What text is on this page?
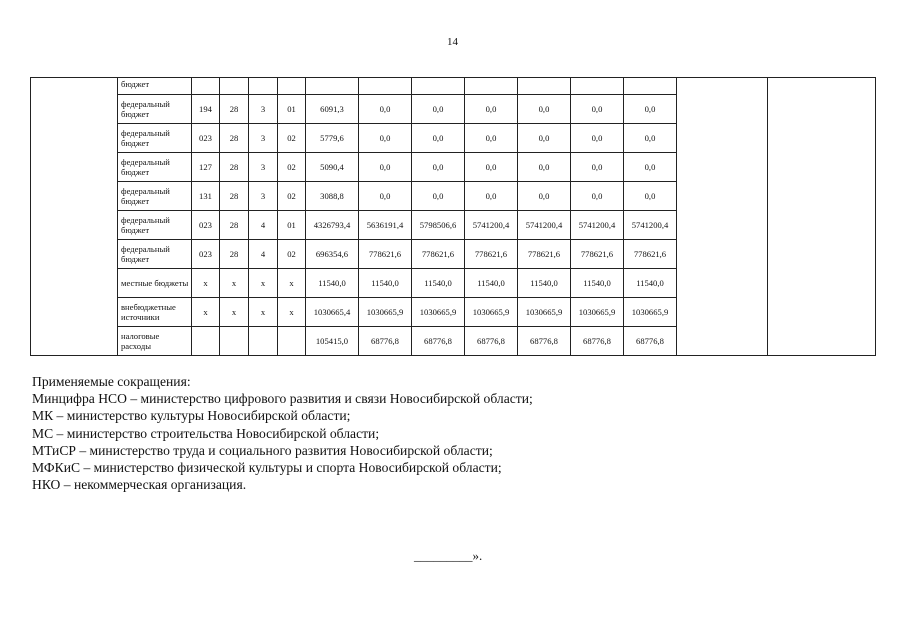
14
	бюджет													
	федеральный бюджет	194	28	3	01	6091,3	0,0	0,0	0,0	0,0	0,0	0,0		
	федеральный бюджет	023	28	3	02	5779,6	0,0	0,0	0,0	0,0	0,0	0,0		
	федеральный бюджет	127	28	3	02	5090,4	0,0	0,0	0,0	0,0	0,0	0,0		
	федеральный бюджет	131	28	3	02	3088,8	0,0	0,0	0,0	0,0	0,0	0,0		
	федеральный бюджет	023	28	4	01	4326793,4	5636191,4	5798506,6	5741200,4	5741200,4	5741200,4	5741200,4		
	федеральный бюджет	023	28	4	02	696354,6	778621,6	778621,6	778621,6	778621,6	778621,6	778621,6		
	местные бюджеты	x	x	x	x	11540,0	11540,0	11540,0	11540,0	11540,0	11540,0	11540,0		
	внебюджетные источники	x	x	x	x	1030665,4	1030665,9	1030665,9	1030665,9	1030665,9	1030665,9	1030665,9		
	налоговые расходы					105415,0	68776,8	68776,8	68776,8	68776,8	68776,8	68776,8		
Применяемые сокращения:
Минцифра НСО – министерство цифрового развития и связи Новосибирской области;
МК – министерство культуры Новосибирской области;
МС – министерство строительства Новосибирской области;
МТиСР – министерство труда и социального развития Новосибирской области;
МФКиС – министерство физической культуры и спорта Новосибирской области;
НКО – некоммерческая организация.
_________».
